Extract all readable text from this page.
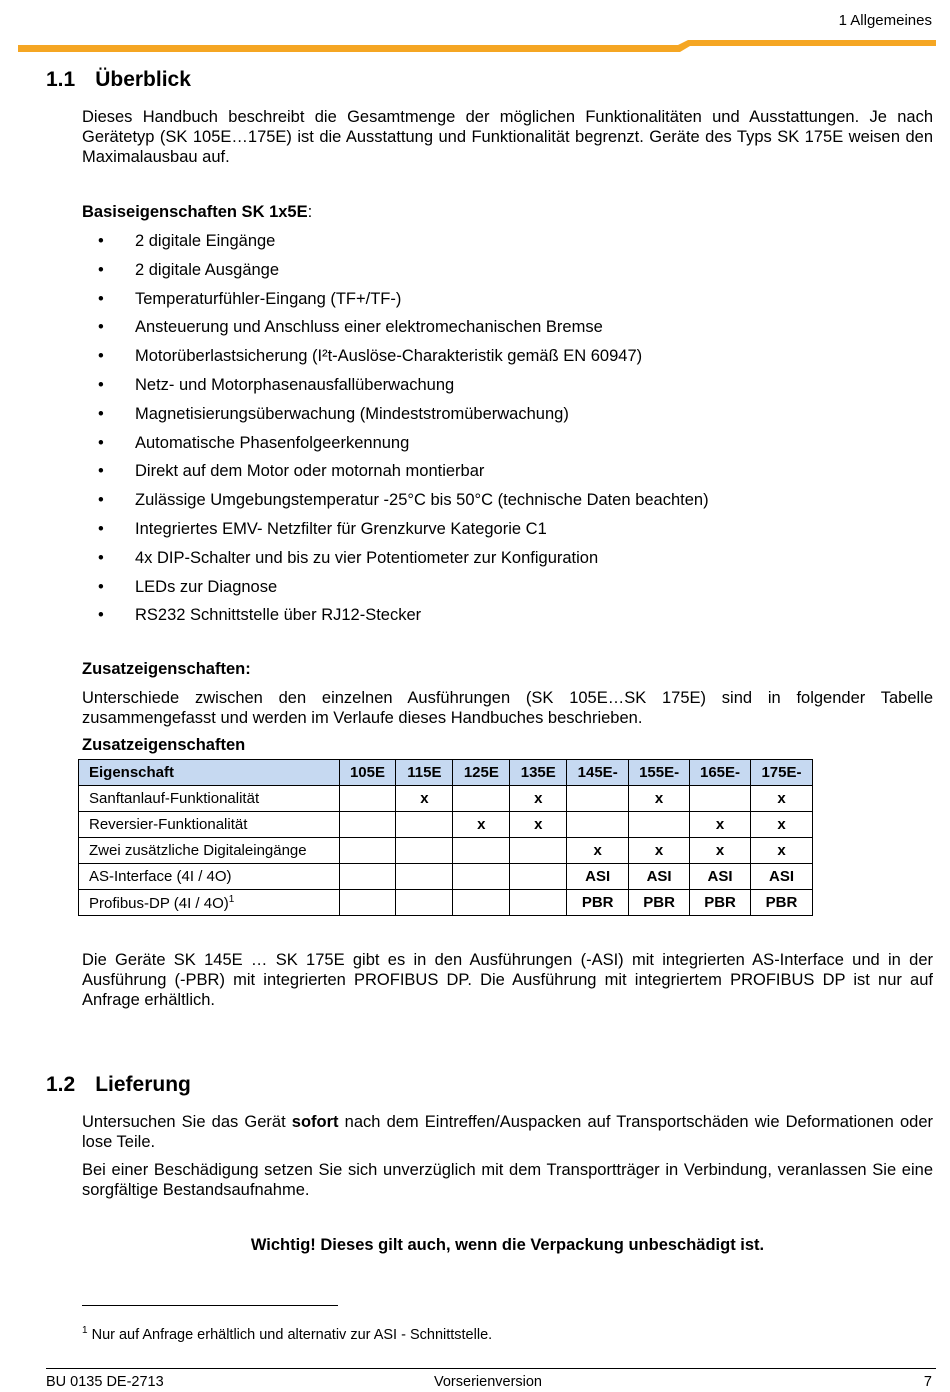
1 Allgemeines
1.1 Überblick
Dieses Handbuch beschreibt die Gesamtmenge der möglichen Funktionalitäten und Ausstattungen. Je nach Gerätetyp (SK 105E…175E) ist die Ausstattung und Funktionalität begrenzt. Geräte des Typs SK 175E weisen den Maximalausbau auf.
Basiseigenschaften SK 1x5E:
• 2 digitale Eingänge
• 2 digitale Ausgänge
• Temperaturfühler-Eingang (TF+/TF-)
• Ansteuerung und Anschluss einer elektromechanischen Bremse
• Motorüberlastsicherung (I²t-Auslöse-Charakteristik gemäß EN 60947)
• Netz- und Motorphasenausfallüberwachung
• Magnetisierungsüberwachung (Mindeststromüberwachung)
• Automatische Phasenfolgeerkennung
• Direkt auf dem Motor oder motornah montierbar
• Zulässige Umgebungstemperatur -25°C bis 50°C (technische Daten beachten)
• Integriertes EMV- Netzfilter für Grenzkurve Kategorie C1
• 4x DIP-Schalter und bis zu vier Potentiometer zur Konfiguration
• LEDs zur Diagnose
• RS232 Schnittstelle über RJ12-Stecker
Zusatzeigenschaften:
Unterschiede zwischen den einzelnen Ausführungen (SK 105E…SK 175E) sind in folgender Tabelle zusammengefasst und werden im Verlaufe dieses Handbuches beschrieben.
Zusatzeigenschaften
Eigenschaft	105E	115E	125E	135E	145E-	155E-	165E-	175E-
Sanftanlauf-Funktionalität		x		x		x		x
Reversier-Funktionalität			x	x			x	x
Zwei zusätzliche Digitaleingänge					x	x	x	x
AS-Interface (4I / 4O)					ASI	ASI	ASI	ASI
Profibus-DP (4I / 4O)$^1$					PBR	PBR	PBR	PBR
Die Geräte SK 145E … SK 175E gibt es in den Ausführungen (-ASI) mit integrierten AS-Interface und in der Ausführung (-PBR) mit integrierten PROFIBUS DP. Die Ausführung mit integriertem PROFIBUS DP ist nur auf Anfrage erhältlich.
1.2 Lieferung
Untersuchen Sie das Gerät sofort nach dem Eintreffen/Auspacken auf Transportschäden wie Deformationen oder lose Teile.
Bei einer Beschädigung setzen Sie sich unverzüglich mit dem Transportträger in Verbindung, veranlassen Sie eine sorgfältige Bestandsaufnahme.
Wichtig! Dieses gilt auch, wenn die Verpackung unbeschädigt ist.
$^1$ Nur auf Anfrage erhältlich und alternativ zur ASI - Schnittstelle.
BU 0135 DE-2713	Vorserienversion	7
